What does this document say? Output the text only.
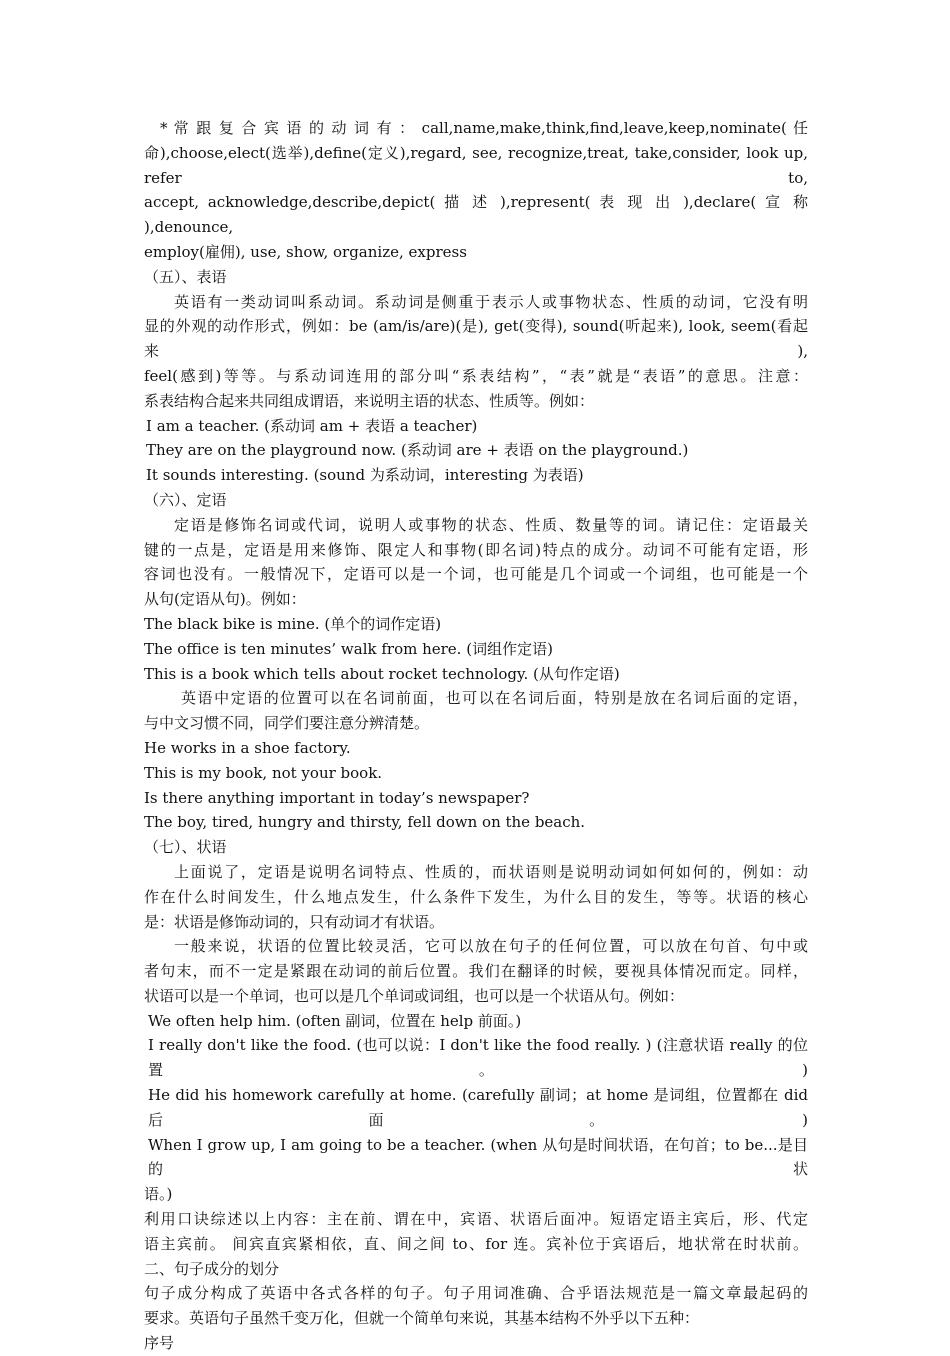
* 常 跟 复 合 宾 语 的 动 词 有 ： call,name,make,think,find,leave,keep,nominate( 任
命),choose,elect(选举),define(定义),regard, see, recognize,treat, take,consider, look up, refer to,
accept, acknowledge,describe,depict( 描 述 ),represent( 表 现 出 ),declare( 宣 称 ),denounce,
employ(雇佣), use, show, organize, express
（五）、表语
英语有一类动词叫系动词。系动词是侧重于表示人或事物状态、性质的动词，它没有明
显的外观的动作形式，例如：be (am/is/are)(是), get(变得), sound(听起来), look, seem(看起来),
feel(感到)等等。与系动词连用的部分叫“系表结构”，“表”就是“表语”的意思。注意：
系表结构合起来共同组成谓语，来说明主语的状态、性质等。例如：
I am a teacher. (系动词 am + 表语 a teacher)
They are on the playground now. (系动词 are + 表语 on the playground.)
It sounds interesting. (sound 为系动词，interesting 为表语)
（六）、定语
定语是修饰名词或代词，说明人或事物的状态、性质、数量等的词。请记住：定语最关
键的一点是，定语是用来修饰、限定人和事物(即名词)特点的成分。动词不可能有定语，形
容词也没有。一般情况下，定语可以是一个词，也可能是几个词或一个词组，也可能是一个
从句(定语从句)。例如：
The black bike is mine. (单个的词作定语)
The office is ten minutes’ walk from here. (词组作定语)
This is a book which tells about rocket technology. (从句作定语)
英语中定语的位置可以在名词前面，也可以在名词后面，特别是放在名词后面的定语，
与中文习惯不同，同学们要注意分辨清楚。
He works in a shoe factory.
This is my book, not your book.
Is there anything important in today’s newspaper?
The boy, tired, hungry and thirsty, fell down on the beach.
（七）、状语
上面说了，定语是说明名词特点、性质的，而状语则是说明动词如何如何的，例如：动
作在什么时间发生，什么地点发生，什么条件下发生，为什么目的发生，等等。状语的核心
是：状语是修饰动词的，只有动词才有状语。
一般来说，状语的位置比较灵活，它可以放在句子的任何位置，可以放在句首、句中或
者句末，而不一定是紧跟在动词的前后位置。我们在翻译的时候，要视具体情况而定。同样，
状语可以是一个单词，也可以是几个单词或词组，也可以是一个状语从句。例如：
We often help him. (often 副词，位置在 help 前面。)
I really don't like the food. (也可以说：I don't like the food really. ) (注意状语 really 的位置。)
He did his homework carefully at home. (carefully 副词；at home 是词组，位置都在 did 后面。)
When I grow up, I am going to be a teacher. (when 从句是时间状语，在句首；to be...是目的状
语。)
利用口诀综述以上内容：主在前、谓在中，宾语、状语后面冲。短语定语主宾后，形、代定
语主宾前。 间宾直宾紧相依，直、间之间 to、for 连。宾补位于宾语后，地状常在时状前。
二、句子成分的划分
句子成分构成了英语中各式各样的句子。句子用词准确、合乎语法规范是一篇文章最起码的
要求。英语句子虽然千变万化，但就一个简单句来说，其基本结构不外乎以下五种：
序号
